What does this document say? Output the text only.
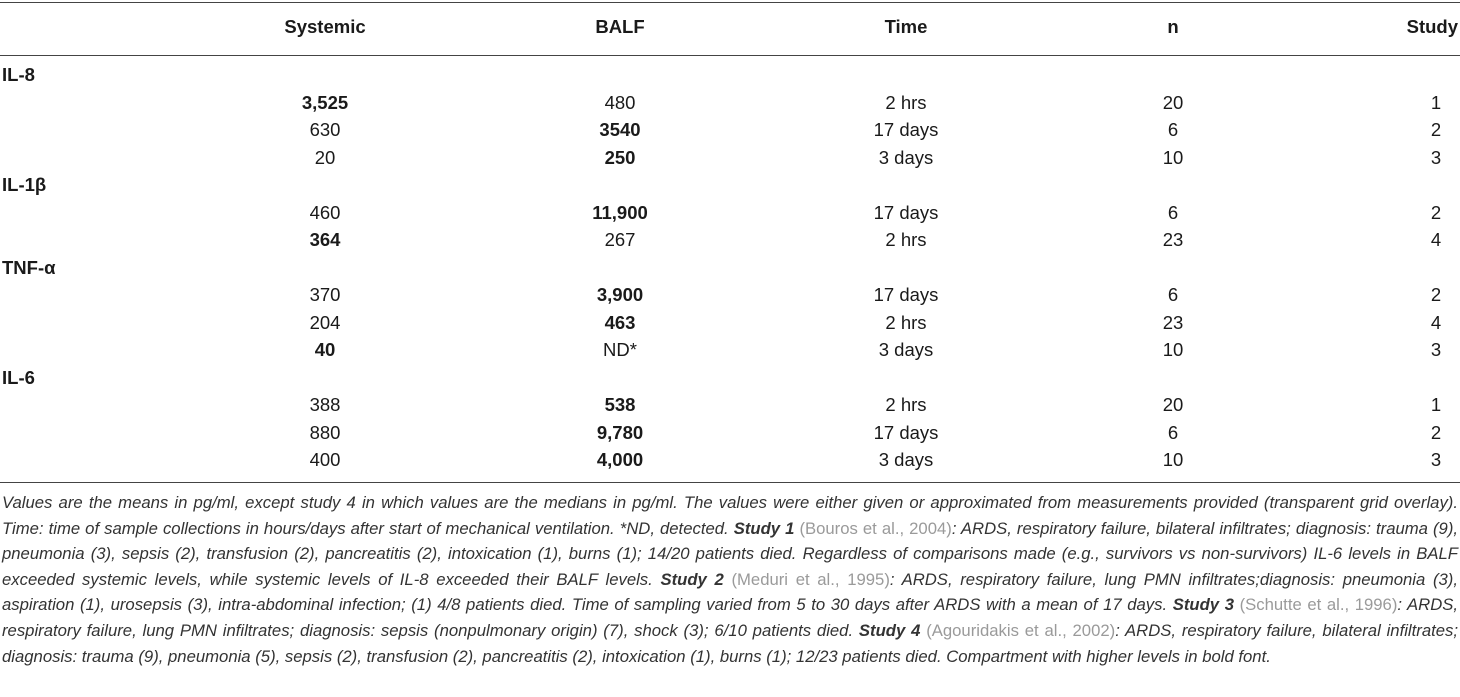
Systemic	BALF	Time	n	Study
IL-8
3,525	480	2 hrs	20	1
630	3540	17 days	6	2
20	250	3 days	10	3
IL-1β
460	11,900	17 days	6	2
364	267	2 hrs	23	4
TNF-α
370	3,900	17 days	6	2
204	463	2 hrs	23	4
40	ND*	3 days	10	3
IL-6
388	538	2 hrs	20	1
880	9,780	17 days	6	2
400	4,000	3 days	10	3
Values are the means in pg/ml, except study 4 in which values are the medians in pg/ml. The values were either given or approximated from measurements provided (transparent grid overlay). Time: time of sample collections in hours/days after start of mechanical ventilation. *ND, detected. Study 1 (Bouros et al., 2004): ARDS, respiratory failure, bilateral infiltrates; diagnosis: trauma (9), pneumonia (3), sepsis (2), transfusion (2), pancreatitis (2), intoxication (1), burns (1); 14/20 patients died. Regardless of comparisons made (e.g., survivors vs non-survivors) IL-6 levels in BALF exceeded systemic levels, while systemic levels of IL-8 exceeded their BALF levels. Study 2 (Meduri et al., 1995): ARDS, respiratory failure, lung PMN infiltrates;diagnosis: pneumonia (3), aspiration (1), urosepsis (3), intra-abdominal infection; (1) 4/8 patients died. Time of sampling varied from 5 to 30 days after ARDS with a mean of 17 days. Study 3 (Schutte et al., 1996): ARDS, respiratory failure, lung PMN infiltrates; diagnosis: sepsis (nonpulmonary origin) (7), shock (3); 6/10 patients died. Study 4 (Agouridakis et al., 2002): ARDS, respiratory failure, bilateral infiltrates; diagnosis: trauma (9), pneumonia (5), sepsis (2), transfusion (2), pancreatitis (2), intoxication (1), burns (1); 12/23 patients died. Compartment with higher levels in bold font.
